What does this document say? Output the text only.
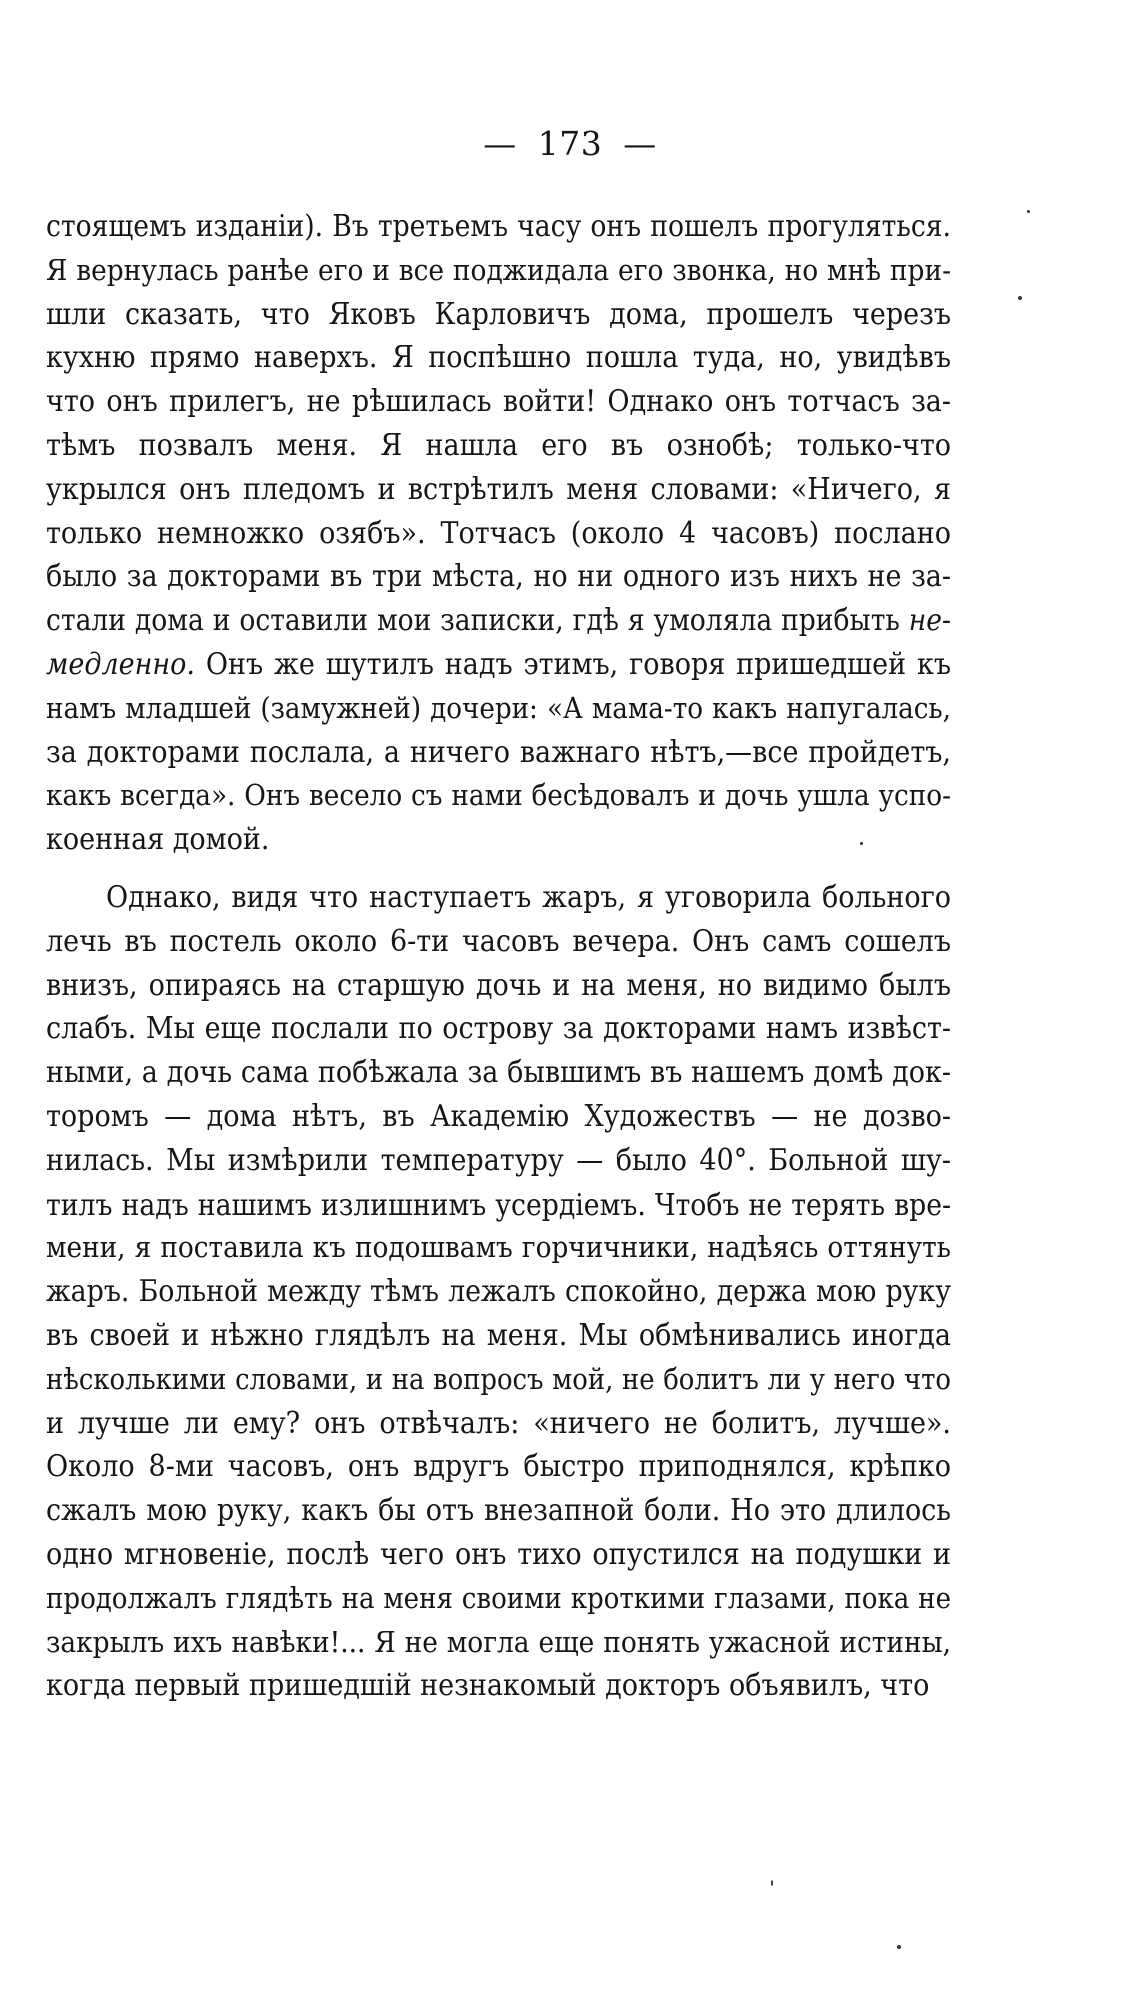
— 173 —
стоящемъ изданіи). Въ третьемъ часу онъ пошелъ прогуляться.
Я вернулась ранѣе его и все поджидала его звонка, но мнѣ при-
шли сказать, что Яковъ Карловичъ дома, прошелъ черезъ
кухню прямо наверхъ. Я поспѣшно пошла туда, но, увидѣвъ
что онъ прилегъ, не рѣшилась войти! Однако онъ тотчасъ за-
тѣмъ позвалъ меня. Я нашла его въ ознобѣ; только-что
укрылся онъ пледомъ и встрѣтилъ меня словами: «Ничего, я
только немножко озябъ». Тотчасъ (около 4 часовъ) послано
было за докторами въ три мѣста, но ни одного изъ нихъ не за-
стали дома и оставили мои записки, гдѣ я умоляла прибыть не-
медленно. Онъ же шутилъ надъ этимъ, говоря пришедшей къ
намъ младшей (замужней) дочери: «А мама-то какъ напугалась,
за докторами послала, а ничего важнаго нѣтъ,—все пройдетъ,
какъ всегда». Онъ весело съ нами бесѣдовалъ и дочь ушла успо-
коенная домой.
Однако, видя что наступаетъ жаръ, я уговорила больного
лечь въ постель около 6-ти часовъ вечера. Онъ самъ сошелъ
внизъ, опираясь на старшую дочь и на меня, но видимо былъ
слабъ. Мы еще послали по острову за докторами намъ извѣст-
ными, а дочь сама побѣжала за бывшимъ въ нашемъ домѣ док-
торомъ — дома нѣтъ, въ Академію Художествъ — не дозво-
нилась. Мы измѣрили температуру — было 40°. Больной шу-
тилъ надъ нашимъ излишнимъ усердіемъ. Чтобъ не терять вре-
мени, я поставила къ подошвамъ горчичники, надѣясь оттянуть
жаръ. Больной между тѣмъ лежалъ спокойно, держа мою руку
въ своей и нѣжно глядѣлъ на меня. Мы обмѣнивались иногда
нѣсколькими словами, и на вопросъ мой, не болитъ ли у него что
и лучше ли ему? онъ отвѣчалъ: «ничего не болитъ, лучше».
Около 8-ми часовъ, онъ вдругъ быстро приподнялся, крѣпко
сжалъ мою руку, какъ бы отъ внезапной боли. Но это длилось
одно мгновеніе, послѣ чего онъ тихо опустился на подушки и
продолжалъ глядѣть на меня своими кроткими глазами, пока не
закрылъ ихъ навѣки!... Я не могла еще понять ужасной истины,
когда первый пришедшій незнакомый докторъ объявилъ, что
